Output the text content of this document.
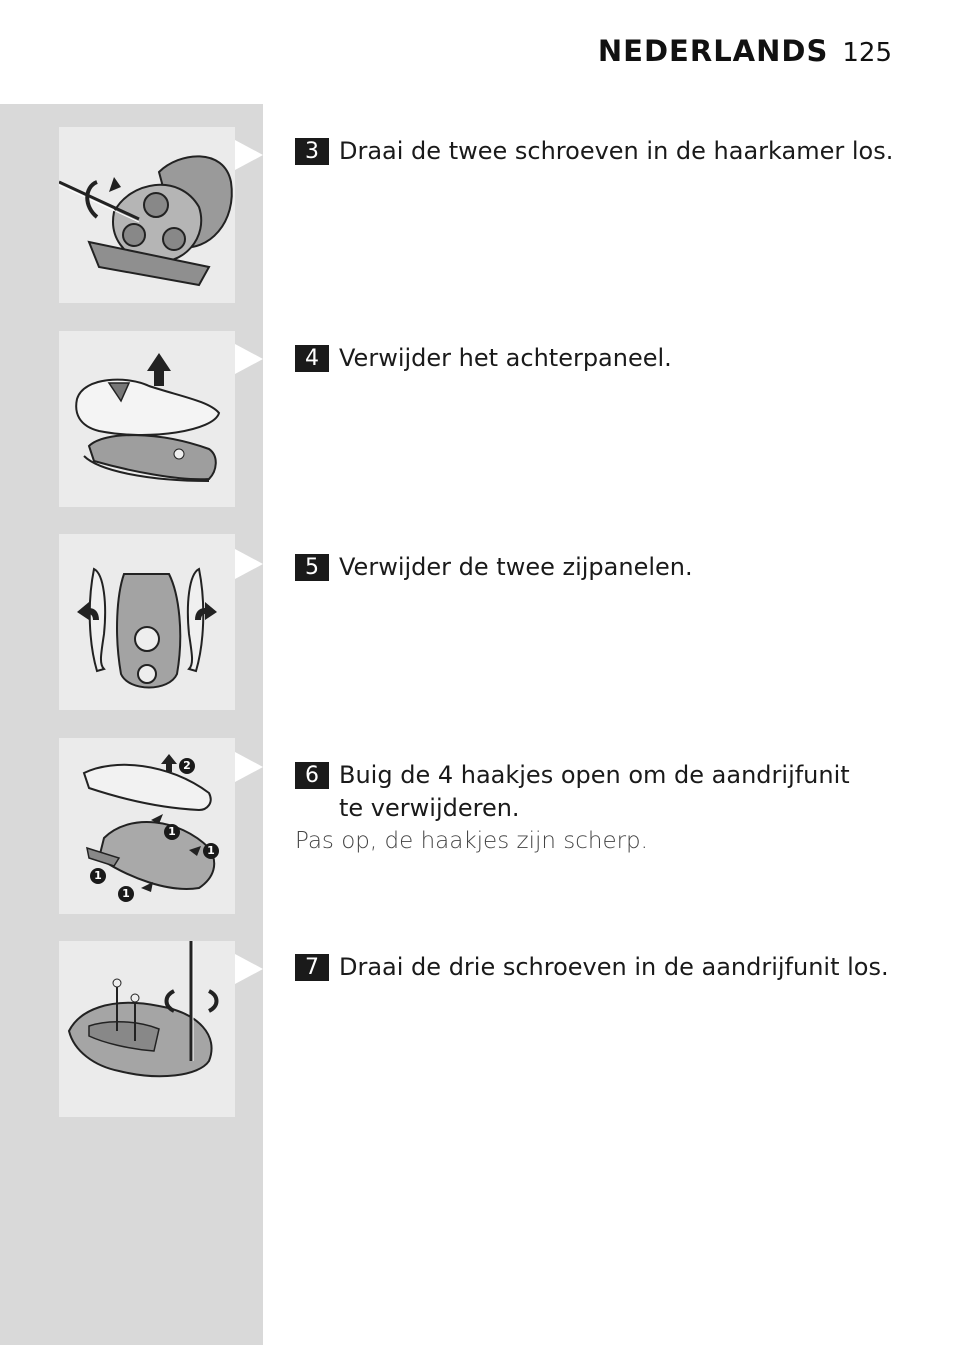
NEDERLANDS 125
2
1
1
1
1
3 Draai de twee schroeven in de haarkamer los.
4 Verwijder het achterpaneel.
5 Verwijder de twee zijpanelen.
6 Buig de 4 haakjes open om de aandrijfunit te verwijderen.
Pas op, de haakjes zijn scherp.
7 Draai de drie schroeven in de aandrijfunit los.
